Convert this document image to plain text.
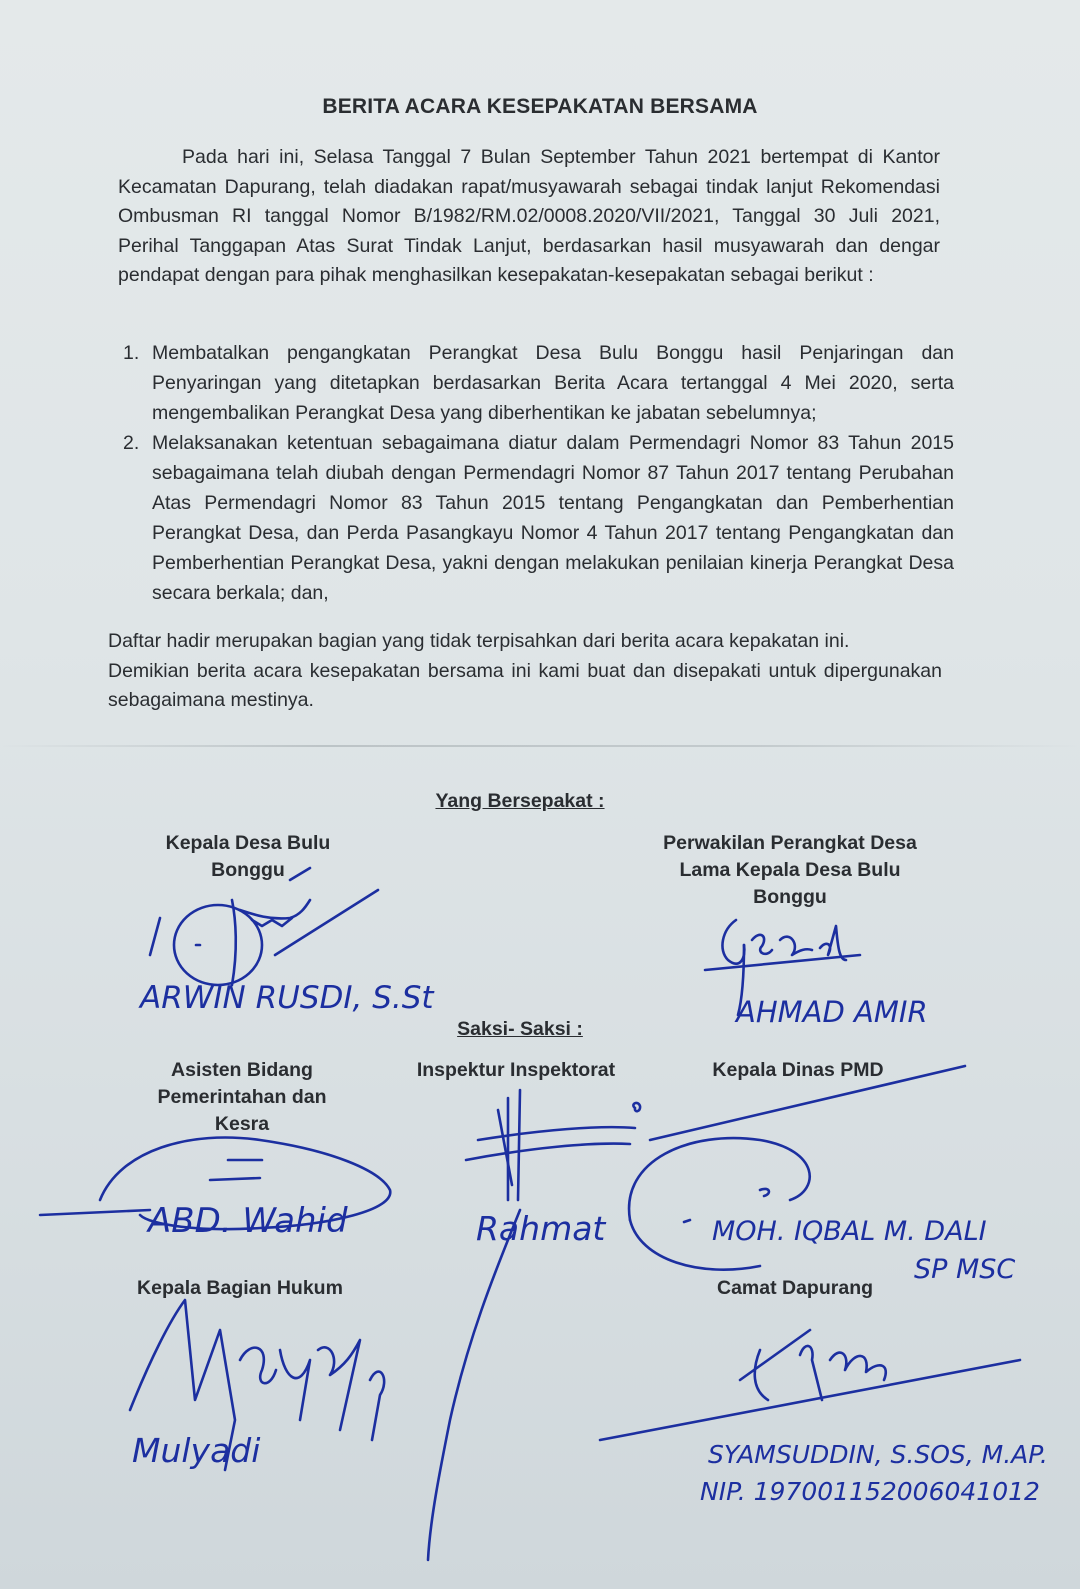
BERITA ACARA KESEPAKATAN BERSAMA

Pada hari ini, Selasa Tanggal 7 Bulan September Tahun 2021 bertempat di Kantor Kecamatan Dapurang, telah diadakan rapat/musyawarah sebagai tindak lanjut Rekomendasi Ombusman RI tanggal Nomor B/1982/RM.02/0008.2020/VII/2021, Tanggal 30 Juli 2021, Perihal Tanggapan Atas Surat Tindak Lanjut, berdasarkan hasil musyawarah dan dengar pendapat dengan para pihak menghasilkan kesepakatan-kesepakatan sebagai berikut :

1. Membatalkan pengangkatan Perangkat Desa Bulu Bonggu hasil Penjaringan dan Penyaringan yang ditetapkan berdasarkan Berita Acara tertanggal 4 Mei 2020, serta mengembalikan Perangkat Desa yang diberhentikan ke jabatan sebelumnya;
2. Melaksanakan ketentuan sebagaimana diatur dalam Permendagri Nomor 83 Tahun 2015 sebagaimana telah diubah dengan Permendagri Nomor 87 Tahun 2017 tentang Perubahan Atas Permendagri Nomor 83 Tahun 2015 tentang Pengangkatan dan Pemberhentian Perangkat Desa, dan Perda Pasangkayu Nomor 4 Tahun 2017 tentang Pengangkatan dan Pemberhentian Perangkat Desa, yakni dengan melakukan penilaian kinerja Perangkat Desa secara berkala; dan,

Daftar hadir merupakan bagian yang tidak terpisahkan dari berita acara kepakatan ini.

Demikian berita acara kesepakatan bersama ini kami buat dan disepakati untuk dipergunakan sebagaimana mestinya.

Yang Bersepakat :
Kepala Desa Bulu Bonggu
Perwakilan Perangkat Desa Lama Kepala Desa Bulu Bonggu
Saksi- Saksi :
Asisten Bidang Pemerintahan dan Kesra
Inspektur Inspektorat	Kepala Dinas PMD
Kepala Bagian Hukum	Camat Dapurang
ARWIN RUSDI, S.St	AHMAD AMIR
ABD. Wahid	Rahmat	MOH. IQBAL M. DALI
SP MSC
Mulyadi	SYAMSUDDIN, S.SOS, M.AP.
NIP. 197001152006041012
